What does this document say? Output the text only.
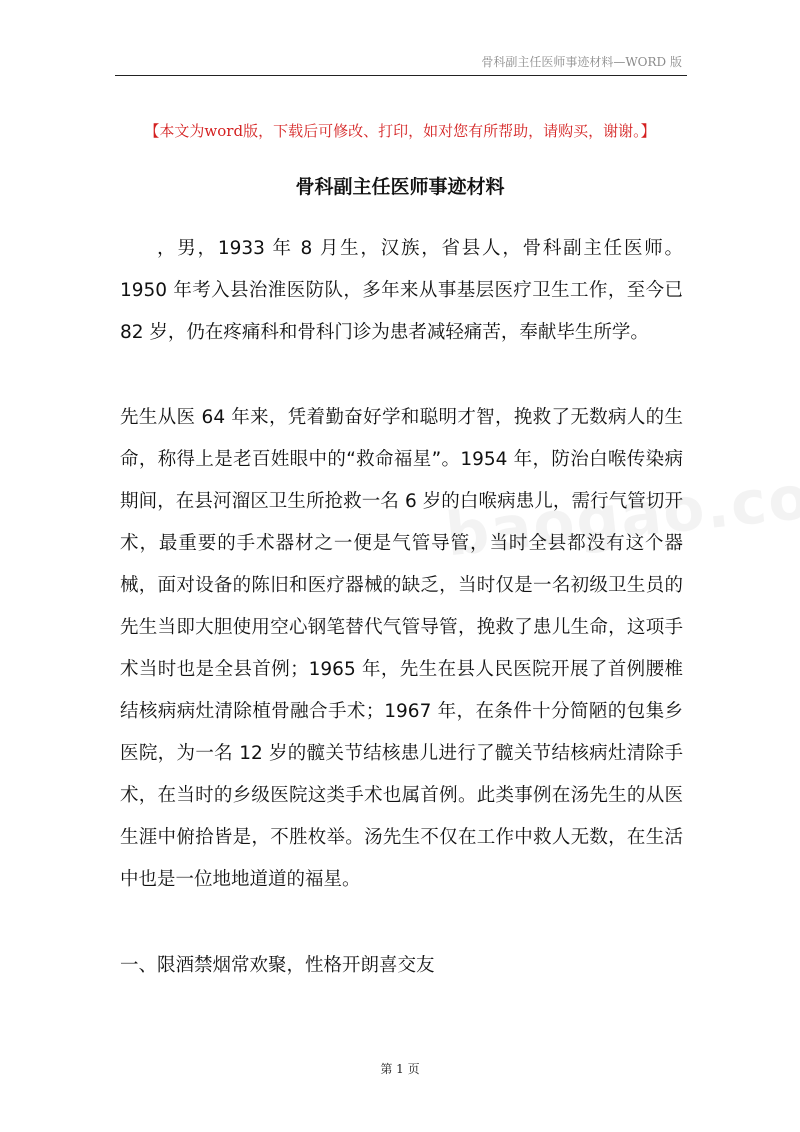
骨科副主任医师事迹材料—WORD 版
【本文为word版，下载后可修改、打印，如对您有所帮助，请购买，谢谢。】
骨科副主任医师事迹材料

，男，1933 年 8 月生，汉族，省县人，骨科副主任医师。1950 年考入县治淮医防队，多年来从事基层医疗卫生工作，至今已 82 岁，仍在疼痛科和骨科门诊为患者减轻痛苦，奉献毕生所学。

先生从医 64 年来，凭着勤奋好学和聪明才智，挽救了无数病人的生命，称得上是老百姓眼中的“救命福星”。1954 年，防治白喉传染病期间，在县河溜区卫生所抢救一名 6 岁的白喉病患儿，需行气管切开术，最重要的手术器材之一便是气管导管，当时全县都没有这个器械，面对设备的陈旧和医疗器械的缺乏，当时仅是一名初级卫生员的先生当即大胆使用空心钢笔替代气管导管，挽救了患儿生命，这项手术当时也是全县首例；1965 年，先生在县人民医院开展了首例腰椎结核病病灶清除植骨融合手术；1967 年，在条件十分简陋的包集乡医院，为一名 12 岁的髋关节结核患儿进行了髋关节结核病灶清除手术，在当时的乡级医院这类手术也属首例。此类事例在汤先生的从医生涯中俯拾皆是，不胜枚举。汤先生不仅在工作中救人无数，在生活中也是一位地地道道的福星。

一、限酒禁烟常欢聚，性格开朗喜交友
第 1 页
